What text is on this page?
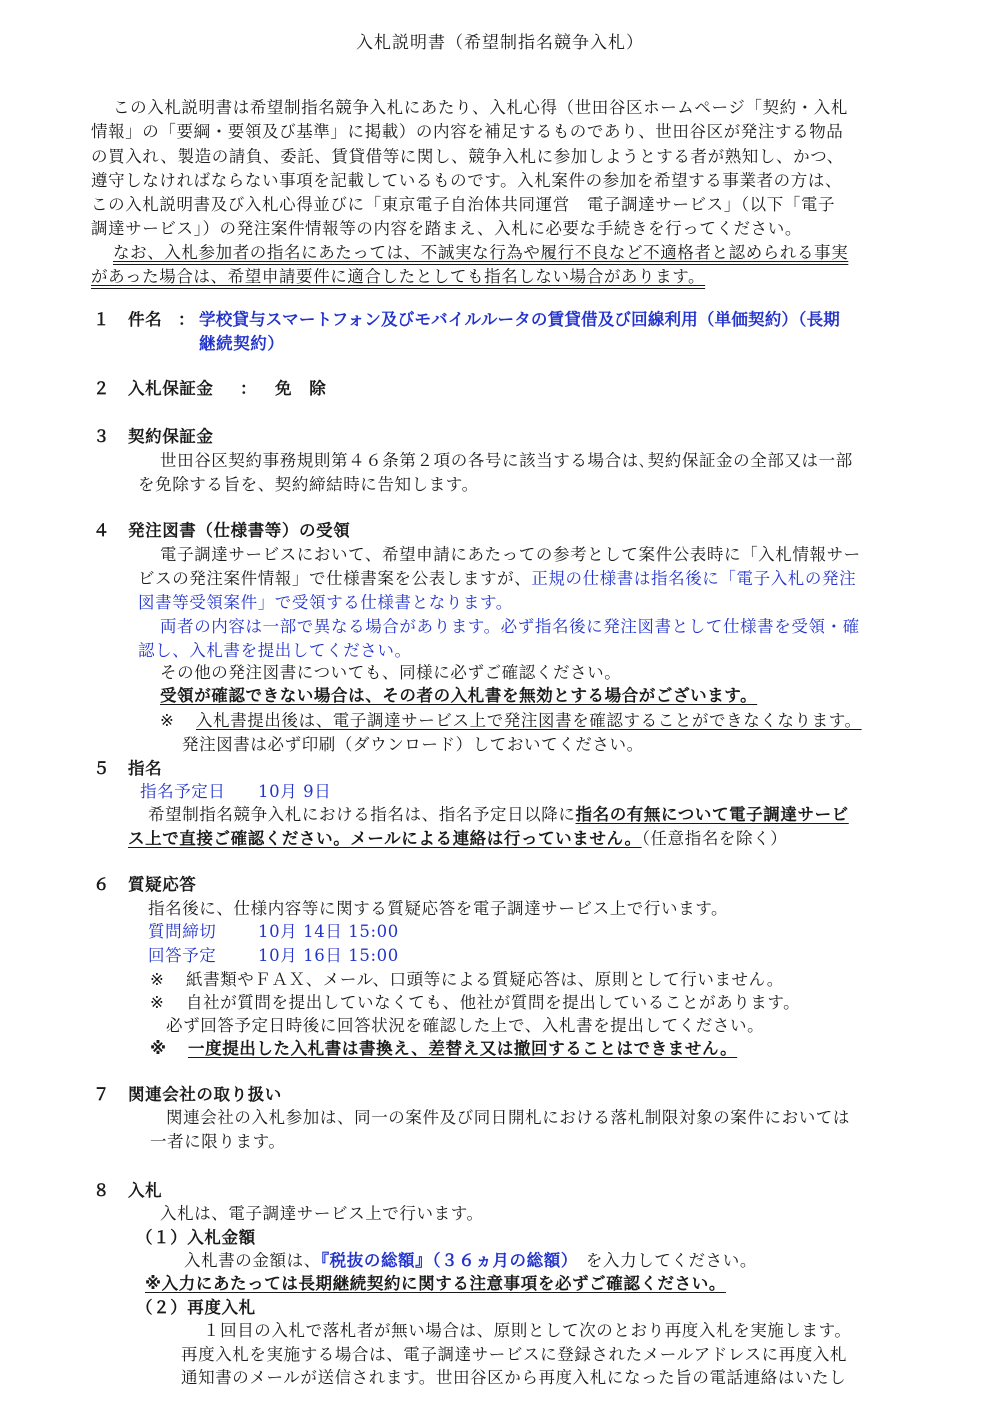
入札説明書（希望制指名競争入札）
この入札説明書は希望制指名競争入札にあたり、入札心得（世田谷区ホームページ「契約・入札
情報」の「要綱・要領及び基準」に掲載）の内容を補足するものであり、世田谷区が発注する物品
の買入れ、製造の請負、委託、賃貸借等に関し、競争入札に参加しようとする者が熟知し、かつ、
遵守しなければならない事項を記載しているものです。入札案件の参加を希望する事業者の方は、
この入札説明書及び入札心得並びに「東京電子自治体共同運営　電子調達サービス」（以下「電子
調達サービス」）の発注案件情報等の内容を踏まえ、入札に必要な手続きを行ってください。
なお、入札参加者の指名にあたっては、不誠実な行為や履行不良など不適格者と認められる事実
があった場合は、希望申請要件に適合したとしても指名しない場合があります。
１ 件名 ： 学校貸与スマートフォン及びモバイルルータの賃貸借及び回線利用（単価契約）（長期
継続契約）
２ 入札保証金 ： 免　除
３ 契約保証金
世田谷区契約事務規則第４６条第２項の各号に該当する場合は､契約保証金の全部又は一部
を免除する旨を、契約締結時に告知します。
４ 発注図書（仕様書等）の受領
電子調達サービスにおいて、希望申請にあたっての参考として案件公表時に「入札情報サー
ビスの発注案件情報」で仕様書案を公表しますが、正規の仕様書は指名後に「電子入札の発注
図書等受領案件」で受領する仕様書となります。
両者の内容は一部で異なる場合があります。必ず指名後に発注図書として仕様書を受領・確
認し、入札書を提出してください。
その他の発注図書についても、同様に必ずご確認ください。
受領が確認できない場合は、その者の入札書を無効とする場合がございます。
※ 入札書提出後は、電子調達サービス上で発注図書を確認することができなくなります。
発注図書は必ず印刷（ダウンロード）しておいてください。
５ 指名
指名予定日 10月 9日
希望制指名競争入札における指名は、指名予定日以降に指名の有無について電子調達サービ
ス上で直接ご確認ください。メールによる連絡は行っていません。（任意指名を除く）
６ 質疑応答
指名後に、仕様内容等に関する質疑応答を電子調達サービス上で行います。
質問締切	10月 14日 15:00
回答予定	10月 16日 15:00
※ 紙書類やＦＡＸ、メール、口頭等による質疑応答は、原則として行いません。
※ 自社が質問を提出していなくても、他社が質問を提出していることがあります。
必ず回答予定日時後に回答状況を確認した上で、入札書を提出してください。
※ 一度提出した入札書は書換え、差替え又は撤回することはできません。
７ 関連会社の取り扱い
関連会社の入札参加は、同一の案件及び同日開札における落札制限対象の案件においては
一者に限ります。
８ 入札
入札は、電子調達サービス上で行います。
（１）入札金額
入札書の金額は、『税抜の総額』（３６ヵ月の総額） を入力してください。
※入力にあたっては長期継続契約に関する注意事項を必ずご確認ください。
（２）再度入札
１回目の入札で落札者が無い場合は、原則として次のとおり再度入札を実施します。
再度入札を実施する場合は、電子調達サービスに登録されたメールアドレスに再度入札
通知書のメールが送信されます。世田谷区から再度入札になった旨の電話連絡はいたし
